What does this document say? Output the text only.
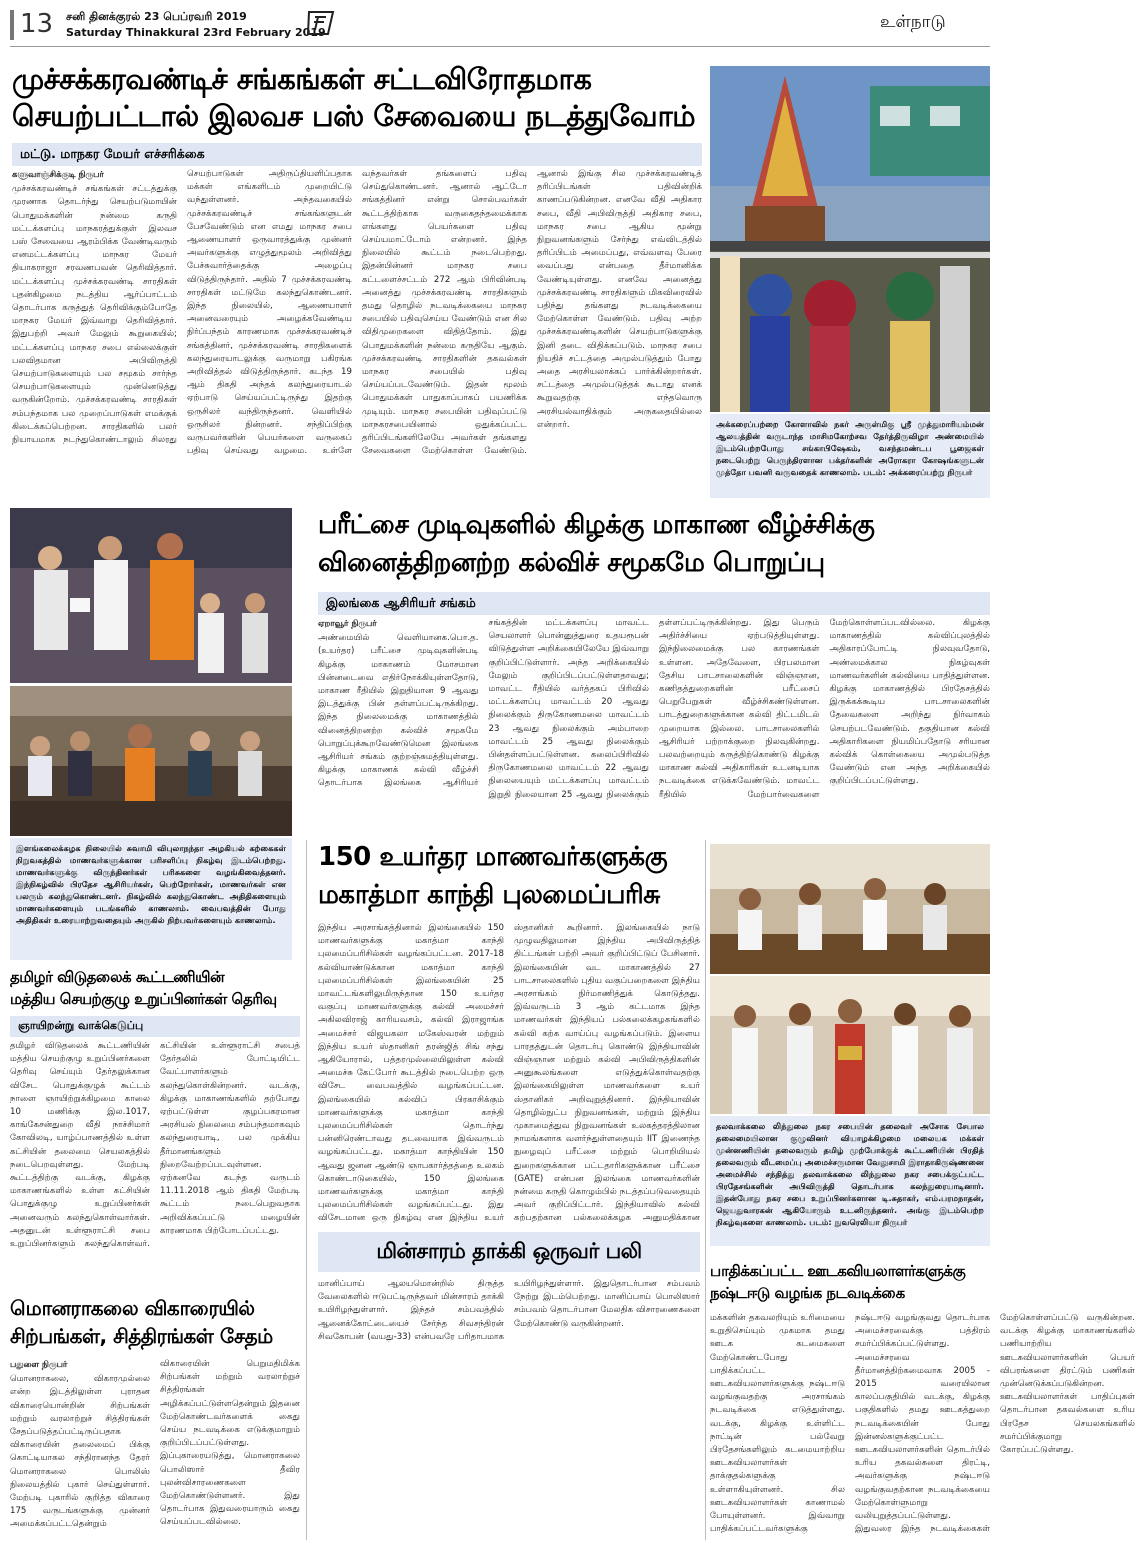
13 சனி தினக்குரல் 23 பெப்ரவரி 2019
Saturday Thinakkural 23rd February 2019
உள்நாடு
முச்சக்கரவண்டிச் சங்கங்கள் சட்டவிரோதமாக
செயற்பட்டால் இலவச பஸ் சேவையை நடத்துவோம்
மட்டு. மாநகர மேயர் எச்சரிக்கை
களுவாஞ்சிக்குடி நிருபர்
முச்சக்கரவண்டிச் சங்கங்கள் சட்டத்துக்கு முரணாக தொடர்ந்து செயற்படுமாயின் பொதுமக்களின் நன்மை கருதி மட்டக்களப்பு மாநகரத்துக்குள் இலவச பஸ் சேவையை ஆரம்பிக்க வேண்டிவரும் எனமட்டக்களப்பு மாநகர மேயர் தியாகராஜா சரவணபவன் தெரிவித்தார். மட்டக்களப்பு முச்சக்கரவண்டி சாரதிகள் புதன்கிழமை நடத்திய ஆர்ப்பாட்டம் தொடர்பாக கருத்துத் தெரிவிக்கும்போதே மாநகர மேயர் இவ்வாறு தெரிவித்தார். இதுபற்றி அவர் மேலும் கூறுகையில்; மட்டக்களப்பு மாநகர சபை எல்லைக்குள் பலவிதமான அபிவிருத்தி செயற்பாடுகளையும் பல சமூகம் சார்ந்த செயற்பாடுகளையும் முன்னெடுத்து வருகின்றோம். முச்சக்கரவண்டி சாரதிகள் சம்பந்தமாக பல முறைப்பாடுகள் எமக்குக் கிடைக்கப்பெற்றன. சாரதிகளில் பலர் நியாயமாக நடந்துகொண்டாலும் சிலரது செயற்பாடுகள் அதிருப்தியளிப்பதாக மக்கள் எங்களிடம் முறையிட்டு வந்துள்ளனர். அந்தவகையில் முச்சக்கரவண்டிச் சங்கங்களுடன் பேசவேண்டும் என எமது மாநகர சபை ஆணையாளர் ஒருவாரத்துக்கு முன்னர் அவர்களுக்கு எழுத்துமூலம் அறிவித்து பேச்சுவார்த்தைக்கு அழைப்பு விடுத்திருந்தார். அதில் 7 முச்சக்கரவண்டி சாரதிகள் மட்டுமே கலந்துகொண்டனர். இந்த நிலையில், ஆணையாளர் அனைவரையும் அழைக்கவேண்டிய நிர்ப்பந்தம் காரணமாக முச்சக்கரவண்டிச் சங்கத்தினர், முச்சக்கரவண்டி சாரதிகளைக் கலந்துரையாடலுக்கு வருமாறு பகிரங்க அறிவித்தல் விடுத்திருந்தார். கடந்த 19 ஆம் திகதி அந்தக் கலந்துரையாடல் ஏற்பாடு செய்யப்பட்டிருந்து இதற்கு ஒருசிலர் வந்திருந்தனர். வெளியில் ஒருசிலர் நின்றனர். சந்திப்பிற்கு வருபவர்களின் பெயர்களை வருகைப் பதிவு செய்வது வழமை. உள்ளே வந்தவர்கள் தங்களைப் பதிவு செய்துகொண்டனர். ஆனால் ஆட்டோ சங்கத்தினர் என்று சொல்பவர்கள் கூட்டத்திற்காக வருகைதந்தமைக்காக எங்களது பெயர்களை பதிவு செய்யமாட்டோம் என்றனர். இந்த நிலையில் கூட்டம் நடைபெற்றது. இதன்பின்னர் மாநகர சபை கட்டளைச்சட்டம் 272 ஆம் பிரிவின்படி அனைத்து முச்சக்கரவண்டி சாரதிகளும் தமது தொழில் நடவடிக்கையை மாநகர சபையில் பதிவுசெய்ய வேண்டும் என சில விதிமுறைகளை விதித்தோம். இது பொதுமக்களின் நன்மை கருதியே ஆகும். முச்சக்கரவண்டி சாரதிகளின் தகவல்கள் மாநகர சபையில் பதிவு செய்யப்படவேண்டும். இதன் மூலம் பொதுமக்கள் பாதுகாப்பாகப் பயணிக்க முடியும். மாநகர சபையின் பதிவுப்பட்டு மாநகரசபையினால் ஒதுக்கப்பட்ட தரிப்பிடங்களிலேயே அவர்கள் தங்களது சேவைகளை மேற்கொள்ள வேண்டும். ஆனால் இங்கு சில முச்சக்கரவண்டித் தரிப்பிடங்கள் பதிவின்றிக் காணப்படுகின்றன. எனவே வீதி அதிகார சபை, வீதி அபிவிருத்தி அதிகார சபை, மாநகர சபை ஆகிய மூன்று நிறுவனங்களும் சேர்ந்து எவ்விடத்தில் தரிப்பிடம் அமைப்பது, எவ்வளவு பேரை வைப்பது என்பதை தீர்மானிக்க வேண்டியுள்ளது. எனவே அனைத்து முச்சக்கரவண்டி சாரதிகளும் மிகவிரைவில் பதிந்து தங்களது நடவடிக்கையை மேற்கொள்ள வேண்டும். பதிவு அற்ற முச்சக்கரவண்டிகளின் செயற்பாடுகளுக்கு இனி தடை விதிக்கப்படும். மாநகர சபை நியதிச் சட்டத்தை அமுல்படுத்தும் போது அதை அரசியலாக்கப் பார்க்கின்றார்கள். சட்டத்தை அமுல்படுத்தக் கூடாது எனக் கூறுவதற்கு எந்தவொரு அரசியல்வாதிக்கும் அருகதையில்லை என்றார்.	அக்கரைப்பற்றை கோளாவில் நகர் அருள்மிகு ஸ்ரீ முத்துமாரியம்மன் ஆலயத்தின் வருடாந்த மாசிமகோற்சவ தேர்த்திருவிழா அண்மையில் இடம்பெற்றபோது சங்காபிஷேகம், வசந்தமண்டப பூஜைகள் நடைபெற்று பெருந்திரளான பக்தர்களின் அரோகரா கோஷங்களுடன் முத்தோ பவனி வருவதைக் காணலாம். படம்: அக்கரைப்பற்று நிருபர்
இளங்கலைக்கழக நிலையில் சுவாமி விபுலாநந்தா அழகியல் கற்கைகள் நிறுவகத்தில் மாணவர்களுக்கான பரிசளிப்பு நிகழ்வு இடம்பெற்றது. மாணவர்களுக்கு விருந்தினர்கள் பரிசுகளை வழங்கிவைத்தனர். இந்நிகழ்வில் பிரதேச ஆசிரியர்கள், பெற்றோர்கள், மாணவர்கள் என பலரும் கலந்துகொண்டனர். நிகழ்வில் கலந்துகொண்ட அதிதிகளையும் மாணவர்களையும் படங்களில் காணலாம். வைபவத்தின் போது அதிதிகள் உரையாற்றுவதையும் அருகில் நிற்பவர்களையும் காணலாம்.
பரீட்சை முடிவுகளில் கிழக்கு மாகாண வீழ்ச்சிக்கு
வினைத்திறனற்ற கல்விச் சமூகமே பொறுப்பு
இலங்கை ஆசிரியர் சங்கம்
ஏறாவூர் நிருபர்
அண்மையில் வெளியானக.பொ.த. (உயர்தர) பரீட்சை முடிவுகளின்படி கிழக்கு மாகாணம் மோசமான பின்னடைவை எதிர்நோக்கியுள்ளதோடு, மாகாண ரீதியில் இறுதியான 9 ஆவது இடத்துக்கு பின் தள்ளப்பட்டிருக்கிறது. இந்த நிலைமைக்கு மாகாணத்தில் வினைத்திறனற்ற கல்விச் சமூகமே பொறுப்புக்கூறவேண்டுமென இலங்கை ஆசிரியர் சங்கம் குற்றஞ்சுமத்தியுள்ளது. கிழக்கு மாகாணக் கல்வி வீழ்ச்சி தொடர்பாக இலங்கை ஆசிரியர் சங்கத்தின் மட்டக்களப்பு மாவட்ட செயலாளர் பொன்னுத்துரை உதயரூபன் விடுத்துள்ள அறிக்கையிலேயே இவ்வாறு குறிப்பிட்டுள்ளார். அந்த அறிக்கையில் மேலும் குறிப்பிடப்பட்டுள்ளதாவது; மாவட்ட ரீதியில் வர்த்தகப் பிரிவில் மட்டக்களப்பு மாவட்டம் 20 ஆவது நிலைக்கும் திருகோணமலை மாவட்டம் 23 ஆவது நிலைக்கும் அம்பாறை மாவட்டம் 25 ஆவது நிலைக்கும் பின்தள்ளப்பட்டுள்ளன. கலைப்பிரிவில் திருகோணமலை மாவட்டம் 22 ஆவது நிலையையும் மட்டக்களப்பு மாவட்டம் இறுதி நிலையான 25 ஆவது நிலைக்கும் தள்ளப்பட்டிருக்கின்றது. இது பெரும் அதிர்ச்சியை ஏற்படுத்தியுள்ளது. இந்நிலைமைக்கு பல காரணங்கள் உள்ளன. அதேவேளை, பிரபலமான தேசிய பாடசாலைகளின் விஞ்ஞான, கணிதத்துறைகளின் பரீட்சைப் பெறுபேறுகள் வீழ்ச்சிகண்டுள்ளன. பாடத்துறைகளுக்கான கல்வி திட்டமிடல் முறையாக இல்லை. பாடசாலைகளில் ஆசிரியர் பற்றாக்குறை நிலவுகின்றது. பலவற்றையும் கருத்திற்கொண்டு கிழக்கு மாகாண கல்வி அதிகாரிகள் உடனடியாக நடவடிக்கை எடுக்கவேண்டும். மாவட்ட ரீதியில் மேற்பார்வைகளை மேற்கொள்ளப்படவில்லை. கிழக்கு மாகாணத்தில் கல்விப்புலத்தில் அதிகாரப்போட்டி நிலவுவதோடு, அண்மைக்கால நிகழ்வுகள் மாணவர்களின் கல்வியை பாதித்துள்ளன. கிழக்கு மாகாணத்தில் பிரதேசத்தில் இருக்கக்கூடிய பாடசாலைகளின் தேவைகளை அறிந்து நிர்வாகம் செயற்படவேண்டும். தகுதியான கல்வி அதிகாரிகளை நியமிப்பதோடு சரியான கல்விக் கொள்கையை அமுல்படுத்த வேண்டும் என அந்த அறிக்கையில் குறிப்பிடப்பட்டுள்ளது.
150 உயர்தர மாணவர்களுக்கு
மகாத்மா காந்தி புலமைப்பரிசு
இந்திய அரசாங்கத்தினால் இலங்கையில் 150 மாணவர்களுக்கு மகாத்மா காந்தி புலமைப்பரிசில்கள் வழங்கப்பட்டன. 2017-18 கல்வியாண்டுக்கான மகாத்மா காந்தி புலமைப்பரிசில்கள் இலங்கையின் 25 மாவட்டங்களிலுமிருந்தான 150 உயர்தர வகுப்பு மாணவர்களுக்கு கல்வி அமைச்சர் அகிலவிராஜ் காரியவசம், கல்வி இராஜாங்க அமைச்சர் விஜயகலா மகேஸ்வரன் மற்றும் இந்திய உயர் ஸ்தானிகர் தரன்ஜித் சிங் சந்து ஆகியோரால், பத்தரமுல்லையிலுள்ள கல்வி அமைச்சு கேட்போர் கூடத்தில் நடைபெற்ற ஒரு விசேட வைபவத்தில் வழங்கப்பட்டன. இலங்கையில் கல்விப் பிரகாசிக்கும் மாணவர்களுக்கு மகாத்மா காந்தி புலமைப்பரிசில்கள் தொடர்ந்து பன்னிரெண்டாவது தடவையாக இவ்வருடம் வழங்கப்பட்டது. மகாத்மா காந்தியின் 150 ஆவது ஜனன ஆண்டு ஞாபகார்த்தத்தை உலகம் கொண்டாடுகையில், 150 இலங்கை மாணவர்களுக்கு மகாத்மா காந்தி புலமைப்பரிசில்கள் வழங்கப்பட்டது. இது விசேடமான ஒரு நிகழ்வு என இந்திய உயர் ஸ்தானிகர் கூறினார். இலங்கையில் நாடு முழுவதிலுமான இந்திய அபிவிருத்தித் திட்டங்கள் பற்றி அவர் குறிப்பிட்டுப் பேசினார். இலங்கையின் வட மாகாணத்தில் 27 பாடசாலைகளில் புதிய வகுப்பறைகளை இந்திய அரசாங்கம் நிர்மாணித்துக் கொடுத்தது. இவ்வருடம் 3 ஆம் கட்டமாக இந்த மாணவர்கள் இந்தியப் பல்கலைக்கழகங்களில் கல்வி கற்க வாய்ப்பு வழங்கப்படும். இளைய பாரதத்துடன் தொடர்பு கொண்டு இந்தியாவின் விஞ்ஞான மற்றும் கல்வி அபிவிருத்திகளின் அனுகூலங்களை எடுத்துக்கொள்வதற்கு இலங்கையிலுள்ள மாணவர்களை உயர் ஸ்தானிகர் அறிவுறுத்தினார். இந்தியாவின் தொழில்நுட்ப நிறுவனங்கள், மற்றும் இந்திய முகாமைத்துவ நிறுவனங்கள் உலகத்தரத்திலான நாமங்களாக வளர்ந்துள்ளதையும் IIT இணைந்த நுழைவுப் பரீட்சை மற்றும் பொறியியல் துறைகளுக்கான பட்டதாரிகளுக்கான பரீட்சை (GATE) என்பன இலங்கை மாணவர்களின் நன்மை கருதி கொழும்பில் நடத்தப்படுவதையும் அவர் குறிப்பிட்டார். இந்தியாவில் கல்வி கற்பதற்கான பல்கலைக்கழக அனுமதிக்கான
தலவாக்கலை லிந்துலை நகர சபையின் தலைவர் அசோக சேபால தலைமையிலான குழுவினர் வியாழக்கிழமை மலையக மக்கள் முன்னணியின் தலைவரும் தமிழ் முற்போக்குக் கூட்டணியின் பிரதித் தலைவரும் வீடமைப்பு அமைச்சருமான வேலுசாமி இராதாகிருஷ்ணனை அமைச்சில் சந்தித்து தலவாக்கலை லிந்துலை நகர சபைக்குட்பட்ட பிரதேசங்களின் அபிவிருத்தி தொடர்பாக கலந்துரையாடினார். இதன்போது நகர சபை உறுப்பினர்களான டி.சுதாகர், எம்.பரமநாதன், ஜெயதுவாரகன் ஆகியோரும் உடனிருந்தனர். அங்கு இடம்பெற்ற நிகழ்வுகளை காணலாம். படம்: நுவரெலியா நிருபர்
தமிழர் விடுதலைக் கூட்டணியின்
மத்திய செயற்குழு உறுப்பினர்கள் தெரிவு
ஞாயிறன்று வாக்கெடுப்பு
தமிழர் விடுதலைக் கூட்டணியின் மத்திய செயற்குழு உறுப்பினர்களை தெரிவு செய்யும் தேர்தலுக்கான விசேட பொதுக்குழுக் கூட்டம் நாளை ஞாயிற்றுக்கிழமை காலை 10 மணிக்கு இல.1017, காங்கேசன்துறை வீதி நாச்சிமார் கோவிலடி, யாழ்ப்பாணத்தில் உள்ள கட்சியின் தலைமை செயலகத்தில் நடைபெறவுள்ளது. மேற்படி கூட்டத்திற்கு வடக்கு, கிழக்கு மாகாணங்களில் உள்ள கட்சியின் பொதுக்குழு உறுப்பினர்கள் அனைவரும் கலந்துகொள்வார்கள். அதனுடன் உள்ளூராட்சி சபை உறுப்பினர்களும் கலந்துகொள்வர். கட்சியின் உள்ளூராட்சி சபைத் தேர்தலில் போட்டியிட்ட வேட்பாளர்களும் கலந்துகொள்கின்றனர். வடக்கு, கிழக்கு மாகாணங்களில் தற்போது ஏற்பட்டுள்ள குழப்பகரமான அரசியல் நிலைமை சம்பந்தமாகவும் கலந்துரையாடி, பல முக்கிய தீர்மானங்களும் நிறைவேற்றப்படவுள்ளன. ஏற்கனவே கடந்த வருடம் 11.11.2018 ஆம் திகதி மேற்படி கூட்டம் நடைபெறுவதாக அறிவிக்கப்பட்டு மழையின் காரணமாக பிற்போடப்பட்டது.
மொனராகலை விகாரையில்
சிற்பங்கள், சித்திரங்கள் சேதம்
பதுளை நிருபர்
மொனராகலை, விகாரமுல்லை என்ற இடத்திலுள்ள புராதன விகாரையொன்றின் சிற்பங்கள் மற்றும் வரலாற்றுச் சித்திரங்கள் சேதப்படுத்தப்பட்டிருப்பதாக விகாரையின் தலைமைப் பிக்கு கொட்டியாகல சந்திரானந்த தேரர் மொனராகலை பொலிஸ் நிலையத்தில் புகார் செய்துள்ளார். மேற்படி புகாரில் குறித்த விகாரை 175 வருடங்களுக்கு முன்னர் அமைக்கப்பட்டதென்றும் விகாரையின் பெறுமதிமிக்க சிற்பங்கள் மற்றும் வரலாற்றுச் சித்திரங்கள் அழிக்கப்பட்டுள்ளதென்றும் இதனை மேற்கொண்டவர்களைக் கைது செய்ய நடவடிக்கை எடுக்குமாறும் குறிப்பிடப்பட்டுள்ளது. இப்புகாரையடுத்து, மொனராகலை பொலிஸார் தீவிர புலன்விசாரணைகளை மேற்கொண்டுள்ளனர். இது தொடர்பாக இதுவரையாரும் கைது செய்யப்படவில்லை.
மின்சாரம் தாக்கி ஒருவர் பலி
மானிப்பாய் ஆலயமொன்றில் திருத்த வேலைகளில் ஈடுபட்டிருந்தவர் மின்சாரம் தாக்கி உயிரிழந்துள்ளார். இந்தச் சம்பவத்தில் ஆனைக்கோட்டையைச் சேர்ந்த சிவசந்திரன் சிவகோபன் (வயது-33) என்பவரே பரிதாபமாக உயிரிழந்துள்ளார். இதுதொடர்பான சம்பவம் நேற்று இடம்பெற்றது. மானிப்பாய் பொலிஸார் சம்பவம் தொடர்பான மேலதிக விசாரணைகளை மேற்கொண்டு வருகின்றனர்.
பாதிக்கப்பட்ட ஊடகவியலாளர்களுக்கு
நஷ்டஈடு வழங்க நடவடிக்கை
மக்களின் தகவலறியும் உரிமையை உறுதிசெய்யும் முகமாக தமது ஊடக கடமைகளை மேற்கொண்டபோது பாதிக்கப்பட்ட ஊடகவியலாளர்களுக்கு நஷ்டஈடு வழங்குவதற்கு அரசாங்கம் நடவடிக்கை எடுத்துள்ளது. வடக்கு, கிழக்கு உள்ளிட்ட நாட்டின் பல்வேறு பிரதேசங்களிலும் கடமையாற்றிய ஊடகவியலாளர்கள் தாக்குதல்களுக்கு உள்ளாகியுள்ளனர். சில ஊடகவியலாளர்கள் காணாமல் போயுள்ளனர். இவ்வாறு பாதிக்கப்பட்டவர்களுக்கு நஷ்டஈடு வழங்குவது தொடர்பாக அமைச்சரவைக்கு பத்திரம் சமர்ப்பிக்கப்பட்டுள்ளது. அமைச்சரவை தீர்மானத்திற்கமைவாக 2005 - 2015 வரையிலான காலப்பகுதியில் வடக்கு, கிழக்கு பகுதிகளில் தமது ஊடகத்துறை நடவடிக்கையின் போது இன்னல்களுக்குட்பட்ட ஊடகவியலாளர்களின் தொடர்பில் உரிய தகவல்களை திரட்டி, அவர்களுக்கு நஷ்டஈடு வழங்குவதற்கான நடவடிக்கையை மேற்கொள்ளுமாறு வலியுறுத்தப்பட்டுள்ளது. இதுவரை இந்த நடவடிக்கைகள் மேற்கொள்ளப்பட்டு வருகின்றன. வடக்கு கிழக்கு மாகாணங்களில் பணியாற்றிய ஊடகவியலாளர்களின் பெயர் விபரங்களை திரட்டும் பணிகள் முன்னெடுக்கப்படுகின்றன. ஊடகவியலாளர்கள் பாதிப்புகள் தொடர்பான தகவல்களை உரிய பிரதேச செயலகங்களில் சமர்ப்பிக்குமாறு கோரப்பட்டுள்ளது.
